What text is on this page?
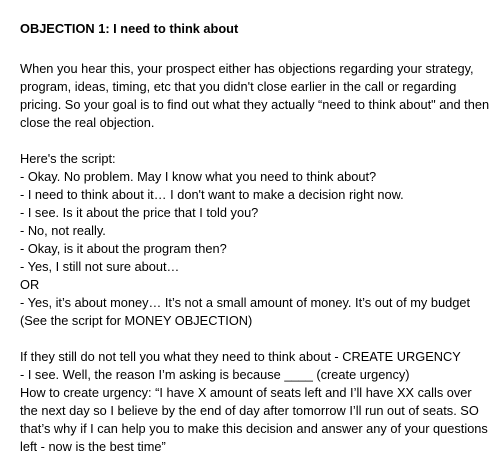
OBJECTION 1: I need to think about
When you hear this, your prospect either has objections regarding your strategy, program, ideas, timing, etc that you didn't close earlier in the call or regarding pricing. So your goal is to find out what they actually “need to think about" and then close the real objection.
Here's the script:
- Okay. No problem. May I know what you need to think about?
- I need to think about it… I don't want to make a decision right now.
- I see. Is it about the price that I told you?
- No, not really.
- Okay, is it about the program then?
- Yes, I still not sure about…
OR
- Yes, it’s about money… It’s not a small amount of money. It’s out of my budget (See the script for MONEY OBJECTION)
If they still do not tell you what they need to think about - CREATE URGENCY
- I see. Well, the reason I’m asking is because ____ (create urgency)
How to create urgency: “I have X amount of seats left and I’ll have XX calls over the next day so I believe by the end of day after tomorrow I’ll run out of seats. SO that’s why if I can help you to make this decision and answer any of your questions left - now is the best time”
